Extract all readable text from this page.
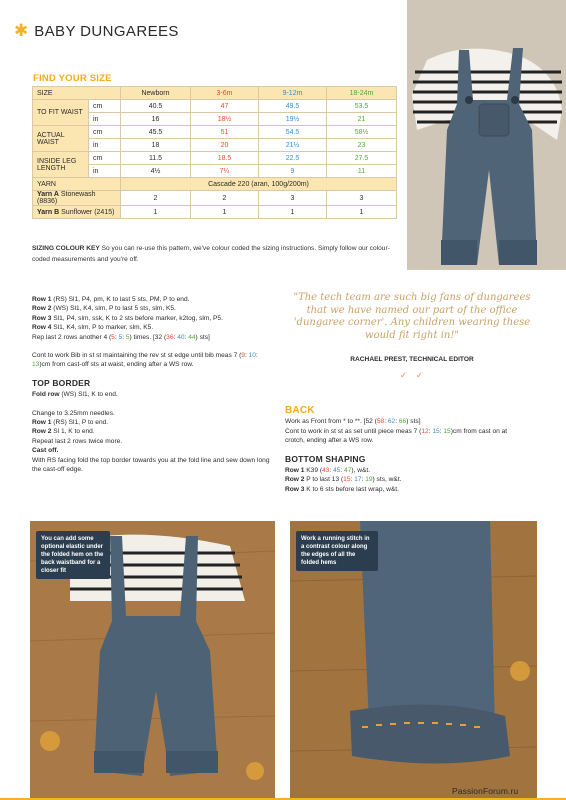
✱ BABY DUNGAREES
FIND YOUR SIZE
SIZE		Newborn	3-6m	9-12m	18-24m
TO FIT WAIST	cm	40.5	47	49.5	53.5
	in	16	18½	19½	21
ACTUAL WAIST	cm	45.5	51	54.5	58½
	in	18	20	21½	23
INSIDE LEG LENGTH	cm	11.5	18.5	22.5	27.5
	in	4½	7¼	9	11
YARN		Cascade 220 (aran, 100g/200m)			
Yarn A Stonewash (8836)		2	2	3	3
Yarn B Sunflower (2415)		1	1	1	1
SIZING COLOUR KEY So you can re-use this pattern, we've colour coded the sizing instructions. Simply follow our colour-coded measurements and you're off.
Row 1 (RS) Sl1, P4, pm, K to last 5 sts, PM, P to end.
Row 2 (WS) Sl1, K4, slm, P to last 5 sts, slm, K5.
Row 3 Sl1, P4, slm, ssk, K to 2 sts before marker, k2tog, slm, P5.
Row 4 Sl1, K4, slm, P to marker, slm, K5.
Rep last 2 rows another 4 (5: 5: 5) times. [32 (36: 40: 44) sts]
Cont to work Bib in st st maintaining the rev st st edge until bib meas 7 (9: 10: 13)cm from cast-off sts at waist, ending after a WS row.
TOP BORDER
Fold row (WS) Sl1, K to end.
Change to 3.25mm needles.
Row 1 (RS) Sl1, P to end.
Row 2 Sl 1, K to end.
Repeat last 2 rows twice more.
Cast off.
With RS facing fold the top border towards you at the fold line and sew down long the cast-off edge.
"The tech team are such big fans of dungarees that we have named our part of the office 'dungaree corner'. Any children wearing these would fit right in!"
RACHAEL PREST, TECHNICAL EDITOR
✓ ✓
BACK
Work as Front from * to **. [52 (58: 62: 66) sts]
Cont to work in st st as set until piece meas 7 (12: 15: 15)cm from cast on at crotch, ending after a WS row.
BOTTOM SHAPING
Row 1 K39 (43: 45: 47), w&t.
Row 2 P to last 13 (15: 17: 19) sts, w&t.
Row 3 K to 6 sts before last wrap, w&t.
You can add some optional elastic under the folded hem on the back waistband for a closer fit
Work a running stitch in a contrast colour along the edges of all the folded hems
PassionForum.ru
